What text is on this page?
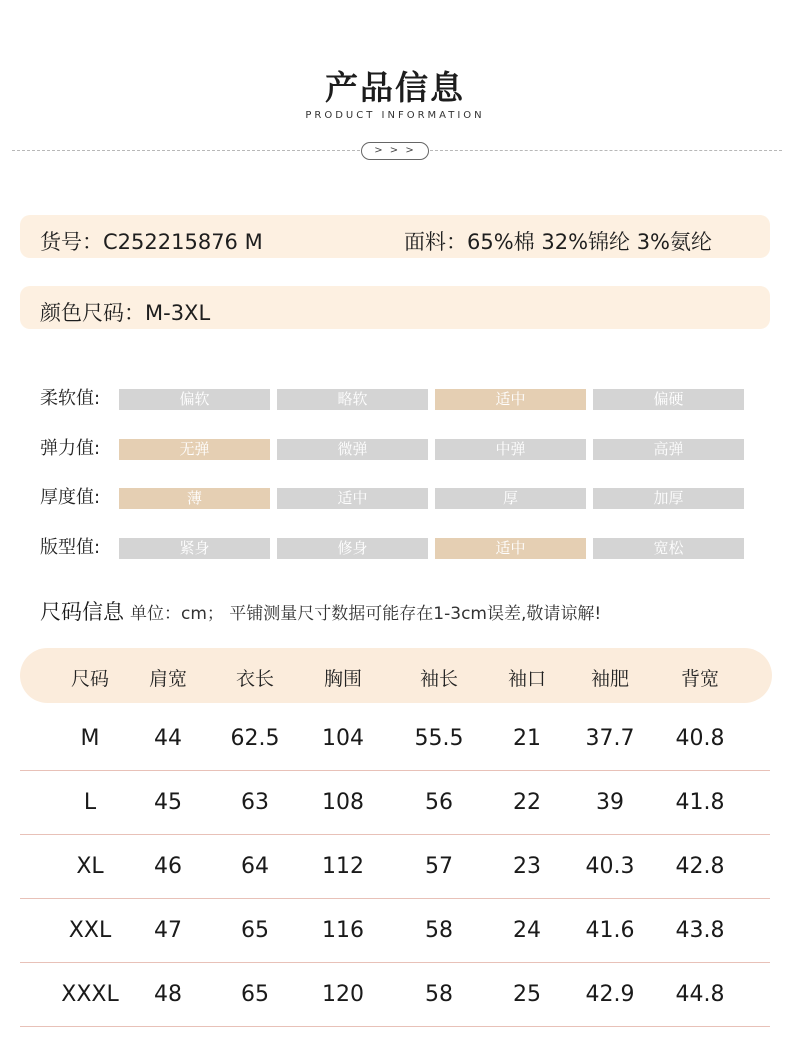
产品信息
PRODUCT INFORMATION
> > >
货号：C252215876 M	面料：65%棉 32%锦纶 3%氨纶
颜色尺码：M-3XL
柔软值:	偏软	略软	适中	偏硬
弹力值:	无弹	微弹	中弹	高弹
厚度值:	薄	适中	厚	加厚
版型值:	紧身	修身	适中	宽松
尺码信息 单位：cm； 平铺测量尺寸数据可能存在1-3cm误差,敬请谅解!
尺码	肩宽	衣长	胸围	袖长	袖口	袖肥	背宽
M	44	62.5	104	55.5	21	37.7	40.8
L	45	63	108	56	22	39	41.8
XL	46	64	112	57	23	40.3	42.8
XXL	47	65	116	58	24	41.6	43.8
XXXL	48	65	120	58	25	42.9	44.8
